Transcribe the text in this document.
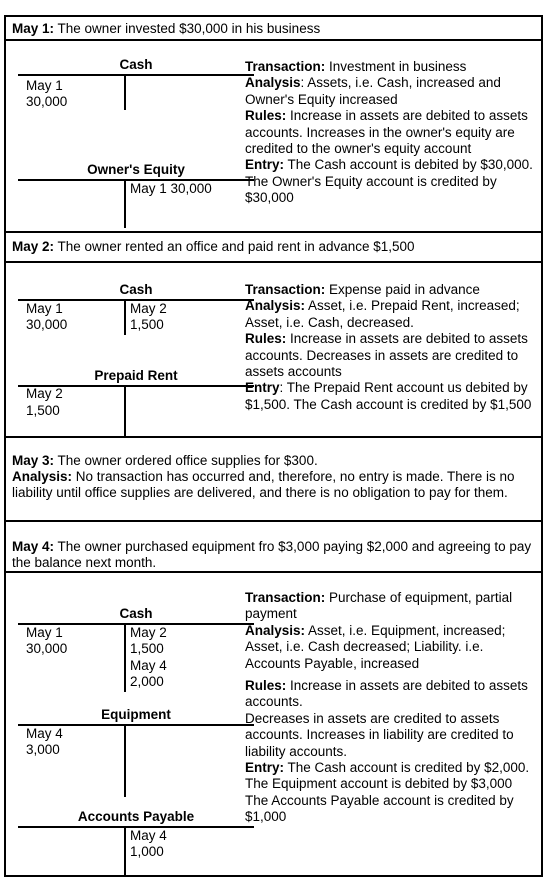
May 1: The owner invested $30,000 in his business
Cash
May 1
30,000
Owner's Equity
May 1 30,000

Transaction: Investment in business

Analysis: Assets, i.e. Cash, increased and Owner's Equity increased

Rules: Increase in assets are debited to assets accounts. Increases in the owner's equity are credited to the owner's equity account

Entry: The Cash account is debited by $30,000. The Owner's Equity account is credited by $30,000

May 2: The owner rented an office and paid rent in advance $1,500
Cash
May 1
30,000
May 2
1,500
Prepaid Rent
May 2
1,500

Transaction: Expense paid in advance

Analysis: Asset, i.e. Prepaid Rent, increased; Asset, i.e. Cash, decreased.

Rules: Increase in assets are debited to assets accounts. Decreases in assets are credited to assets accounts

Entry: The Prepaid Rent account us debited by $1,500. The Cash account is credited by $1,500

May 3: The owner ordered office supplies for $300.
Analysis: No transaction has occurred and, therefore, no entry is made. There is no liability until office supplies are delivered, and there is no obligation to pay for them.
May 4: The owner purchased equipment fro $3,000 paying $2,000 and agreeing to pay the balance next month.
Cash
May 1
30,000
May 2
1,500
May 4
2,000
Equipment
May 4
3,000
Accounts Payable
May 4
1,000

Transaction: Purchase of equipment, partial payment

Analysis: Asset, i.e. Equipment, increased; Asset, i.e. Cash decreased; Liability. i.e. Accounts Payable, increased

Rules: Increase in assets are debited to assets accounts.

Decreases in assets are credited to assets accounts. Increases in liability are credited to liability accounts.

Entry: The Cash account is credited by $2,000. The Equipment account is debited by $3,000

The Accounts Payable account is credited by $1,000
